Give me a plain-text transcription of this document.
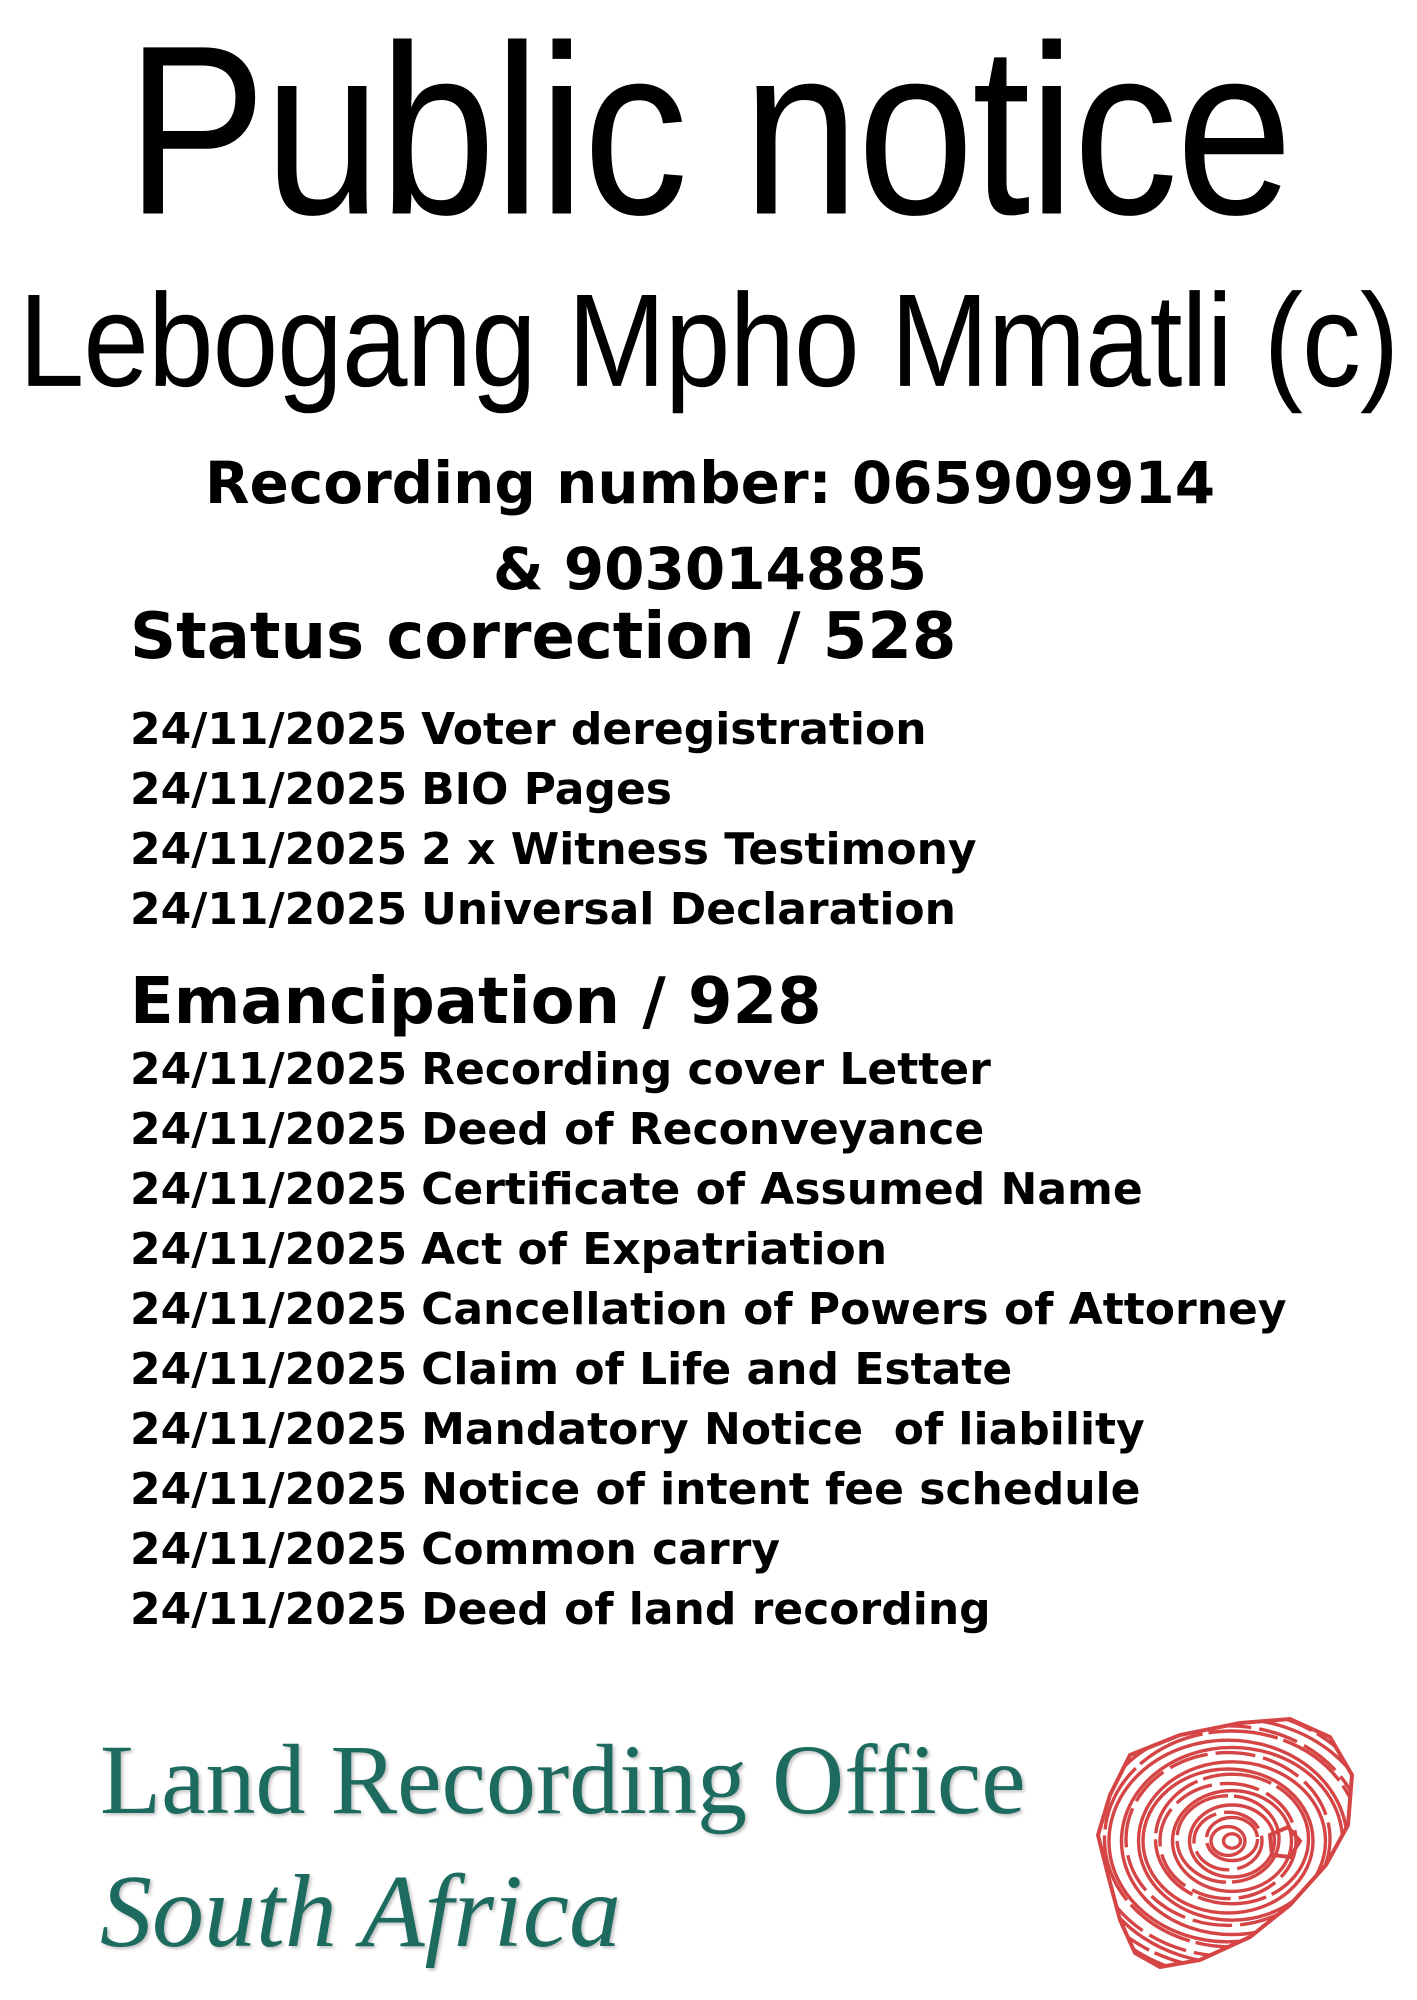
Public notice
Lebogang Mpho Mmatli (c)

Recording number: 065909914 & 903014885

Status correction / 528
24/11/2025 Voter deregistration
24/11/2025 BIO Pages
24/11/2025 2 x Witness Testimony
24/11/2025 Universal Declaration
Emancipation / 928
24/11/2025 Recording cover Letter
24/11/2025 Deed of Reconveyance
24/11/2025 Certificate of Assumed Name
24/11/2025 Act of Expatriation
24/11/2025 Cancellation of Powers of Attorney
24/11/2025 Claim of Life and Estate
24/11/2025 Mandatory Notice  of liability
24/11/2025 Notice of intent fee schedule
24/11/2025 Common carry
24/11/2025 Deed of land recording

Land Recording Office

South Africa
